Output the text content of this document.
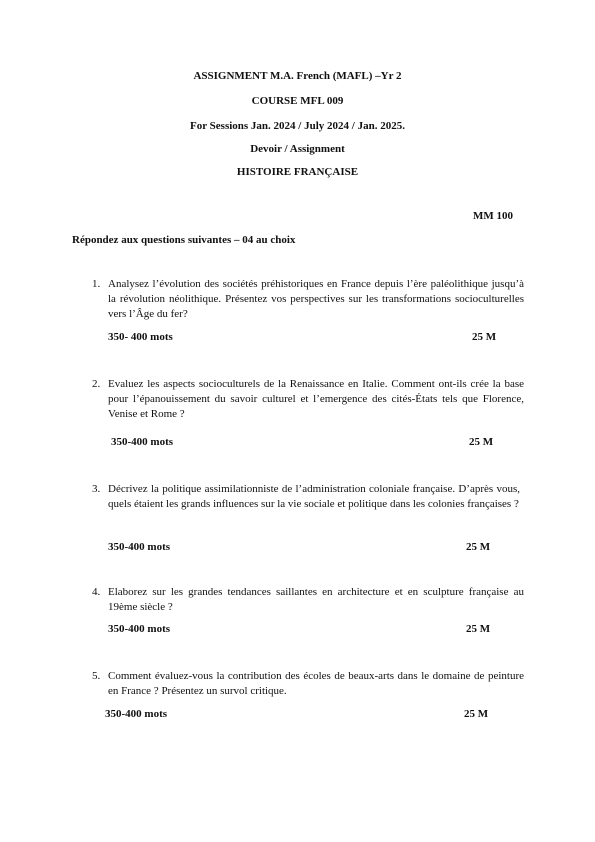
ASSIGNMENT M.A. French (MAFL) –Yr 2
COURSE MFL 009
For Sessions Jan. 2024 / July 2024 / Jan. 2025.
Devoir / Assignment
HISTOIRE FRANÇAISE
MM 100
Répondez aux questions suivantes – 04 au choix
1. Analysez l’évolution des sociétés préhistoriques en France depuis l’ère paléolithique jusqu’à la révolution néolithique. Présentez vos perspectives sur les transformations socioculturelles vers l’Âge du fer?
350- 400 mots	25 M
2. Evaluez les aspects socioculturels de la Renaissance en Italie. Comment ont-ils crée la base pour l’épanouissement du savoir culturel et l’emergence des cités-États tels que Florence, Venise et Rome ?
350-400 mots	25 M
3. Décrivez la politique assimilationniste de l’administration coloniale française. D’après vous, quels étaient les grands influences sur la vie sociale et politique dans les colonies françaises ?
350-400 mots	25 M
4. Elaborez sur les grandes tendances saillantes en architecture et en sculpture française au 19ème siècle ?
350-400 mots	25 M
5. Comment évaluez-vous la contribution des écoles de beaux-arts dans le domaine de peinture en France ? Présentez un survol critique.
350-400 mots	25 M
